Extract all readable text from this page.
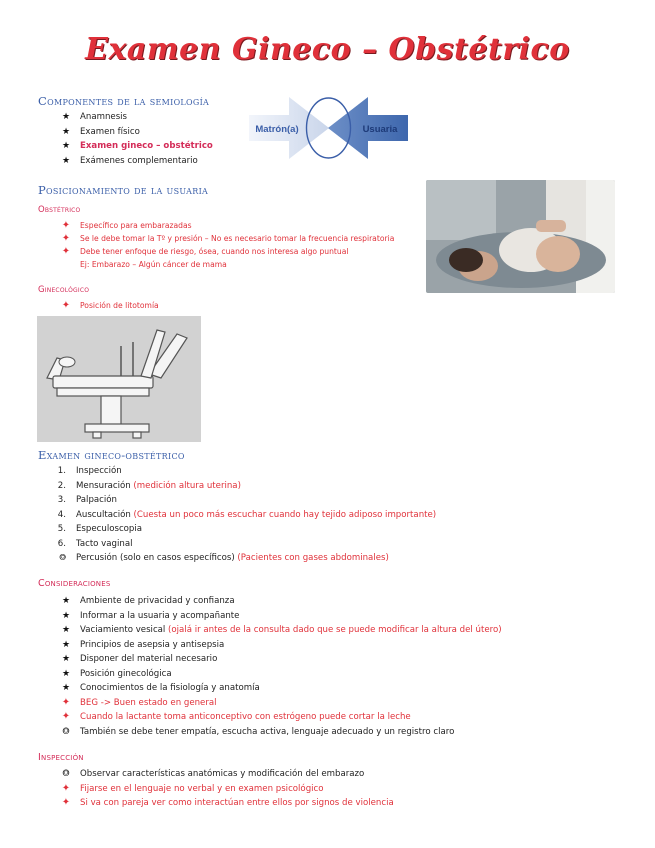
Examen Gineco – Obstétrico
Componentes de la semiología
★	Anamnesis
★	Examen físico
★	Examen gineco – obstétrico
★	Exámenes complementario
Matrón(a)	Usuaria
Posicionamiento de la usuaria
Obstétrico
✦	Específico para embarazadas
✦	Se le debe tomar la Tº y presión – No es necesario tomar la frecuencia respiratoria
✦	Debe tener enfoque de riesgo, ósea, cuando nos interesa algo puntual
Ej: Embarazo – Algún cáncer de mama
Ginecológico
✦	Posición de litotomía
Examen gineco-obstétrico
1. Inspección
2. Mensuración (medición altura uterina)
3. Palpación
4. Auscultación (Cuesta un poco más escuchar cuando hay tejido adiposo importante)
5. Especuloscopia
6. Tacto vaginal
⭗ Percusión (solo en casos específicos) (Pacientes con gases abdominales)
Consideraciones
★	Ambiente de privacidad y confianza
★	Informar a la usuaria y acompañante
★	Vaciamiento vesical (ojalá ir antes de la consulta dado que se puede modificar la altura del útero)
★	Principios de asepsia y antisepsia
★	Disponer del material necesario
★	Posición ginecológica
★	Conocimientos de la fisiología y anatomía
✦	BEG -> Buen estado en general
✦	Cuando la lactante toma anticonceptivo con estrógeno puede cortar la leche
⭗	También se debe tener empatía, escucha activa, lenguaje adecuado y un registro claro
Inspección
⭗	Observar características anatómicas y modificación del embarazo
✦	Fijarse en el lenguaje no verbal y en examen psicológico
✦	Si va con pareja ver como interactúan entre ellos por signos de violencia
